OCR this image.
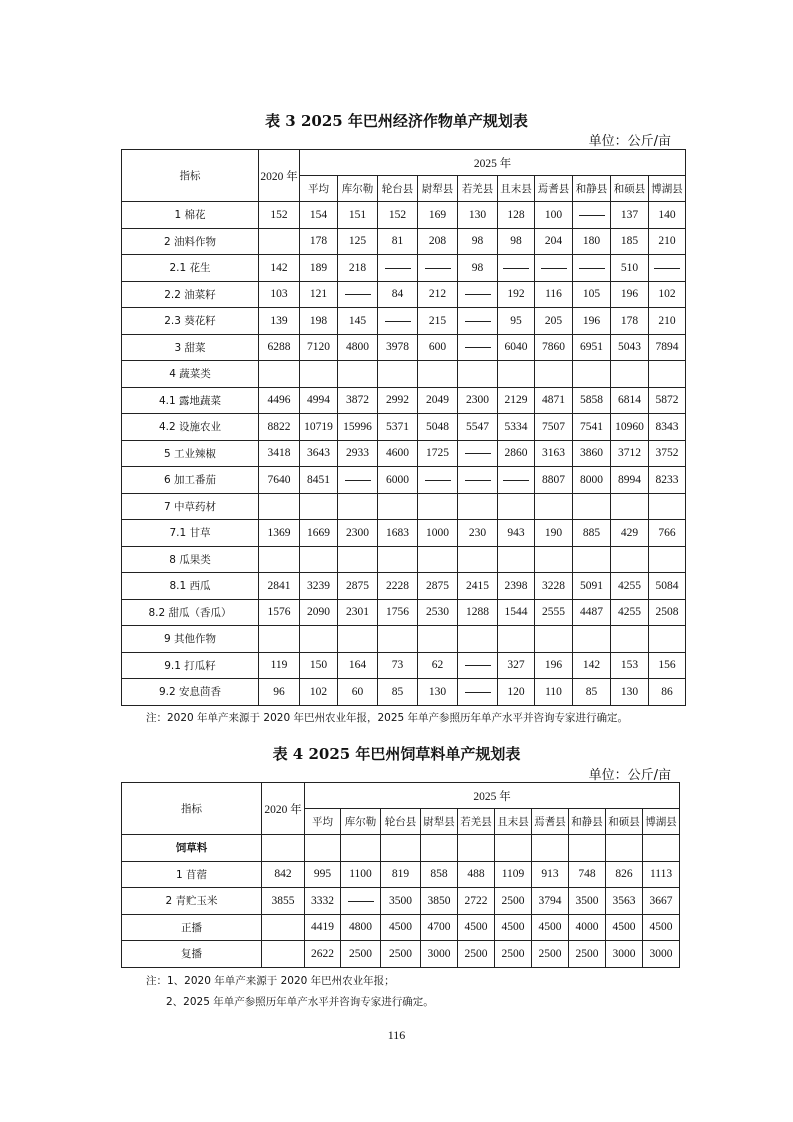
表 3 2025 年巴州经济作物单产规划表
单位：公斤/亩
指标	2020 年	2025 年									
		平均	库尔勒	轮台县	尉犁县	若羌县	且末县	焉耆县	和静县	和硕县	博湖县
1 棉花	152	154	151	152	169	130	128	100		137	140
2 油料作物		178	125	81	208	98	98	204	180	185	210
2.1 花生	142	189	218			98				510	
2.2 油菜籽	103	121		84	212		192	116	105	196	102
2.3 葵花籽	139	198	145		215		95	205	196	178	210
3 甜菜	6288	7120	4800	3978	600		6040	7860	6951	5043	7894
4 蔬菜类											
4.1 露地蔬菜	4496	4994	3872	2992	2049	2300	2129	4871	5858	6814	5872
4.2 设施农业	8822	10719	15996	5371	5048	5547	5334	7507	7541	10960	8343
5 工业辣椒	3418	3643	2933	4600	1725		2860	3163	3860	3712	3752
6 加工番茄	7640	8451		6000				8807	8000	8994	8233
7 中草药材											
7.1 甘草	1369	1669	2300	1683	1000	230	943	190	885	429	766
8 瓜果类											
8.1 西瓜	2841	3239	2875	2228	2875	2415	2398	3228	5091	4255	5084
8.2 甜瓜（香瓜）	1576	2090	2301	1756	2530	1288	1544	2555	4487	4255	2508
9 其他作物											
9.1 打瓜籽	119	150	164	73	62		327	196	142	153	156
9.2 安息茴香	96	102	60	85	130		120	110	85	130	86
注：2020 年单产来源于 2020 年巴州农业年报，2025 年单产参照历年单产水平并咨询专家进行确定。
表 4 2025 年巴州饲草料单产规划表
单位：公斤/亩
指标	2020 年	2025 年									
		平均	库尔勒	轮台县	尉犁县	若羌县	且末县	焉耆县	和静县	和硕县	博湖县
饲草料											
1 苜蓿	842	995	1100	819	858	488	1109	913	748	826	1113
2 青贮玉米	3855	3332		3500	3850	2722	2500	3794	3500	3563	3667
正播		4419	4800	4500	4700	4500	4500	4500	4000	4500	4500
复播		2622	2500	2500	3000	2500	2500	2500	2500	3000	3000
注：1、2020 年单产来源于 2020 年巴州农业年报；
2、2025 年单产参照历年单产水平并咨询专家进行确定。
116
